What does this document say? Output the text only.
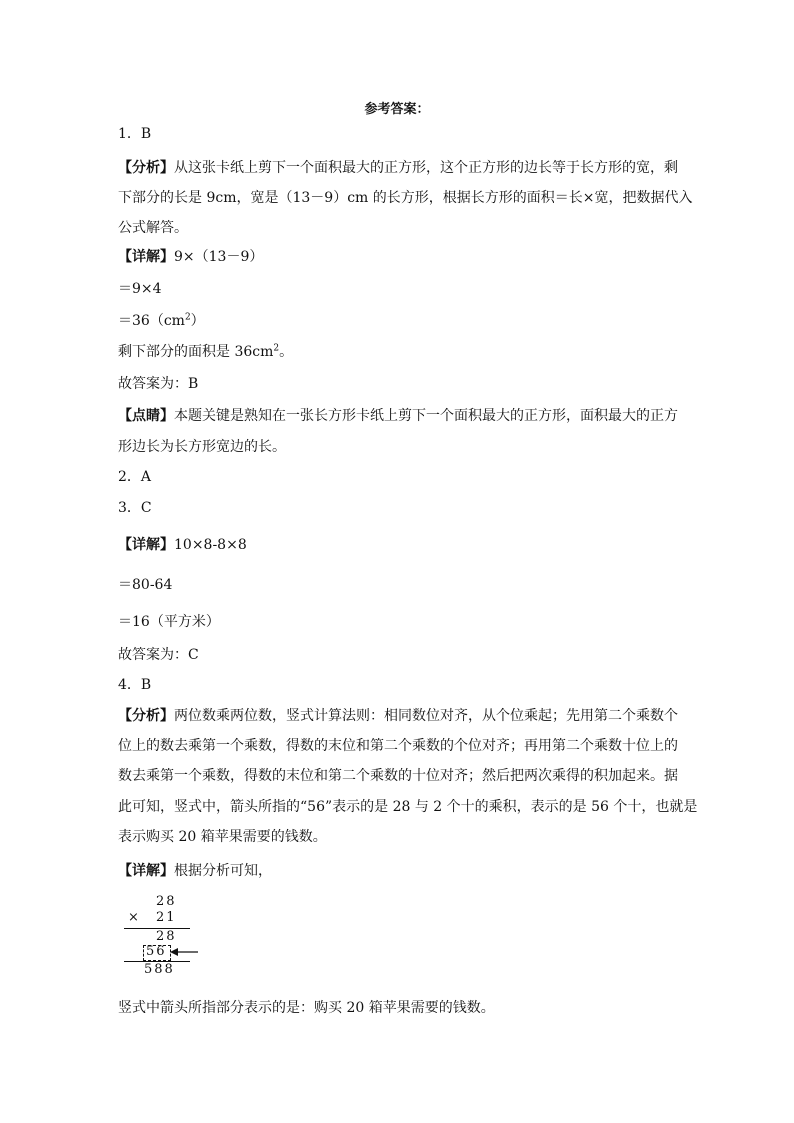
参考答案：
1．B
【分析】从这张卡纸上剪下一个面积最大的正方形，这个正方形的边长等于长方形的宽，剩
下部分的长是 9cm，宽是（13－9）cm 的长方形，根据长方形的面积＝长×宽，把数据代入
公式解答。
【详解】9×（13－9）
＝9×4
$=36(cm^2)$
剩下部分的面积是 $36cm^2$。
故答案为：B
【点睛】本题关键是熟知在一张长方形卡纸上剪下一个面积最大的正方形，面积最大的正方
形边长为长方形宽边的长。
2．A
3．C
【详解】10×8-8×8
＝80-64
＝16（平方米）
故答案为：C
4．B
【分析】两位数乘两位数，竖式计算法则：相同数位对齐，从个位乘起；先用第二个乘数个
位上的数去乘第一个乘数，得数的末位和第二个乘数的个位对齐；再用第二个乘数十位上的
数去乘第一个乘数，得数的末位和第二个乘数的十位对齐；然后把两次乘得的积加起来。据
此可知，竖式中，箭头所指的“56”表示的是 28 与 2 个十的乘积，表示的是 56 个十，也就是
表示购买 20 箱苹果需要的钱数。
【详解】根据分析可知，
28
× 21
28
56
588
竖式中箭头所指部分表示的是：购买 20 箱苹果需要的钱数。
